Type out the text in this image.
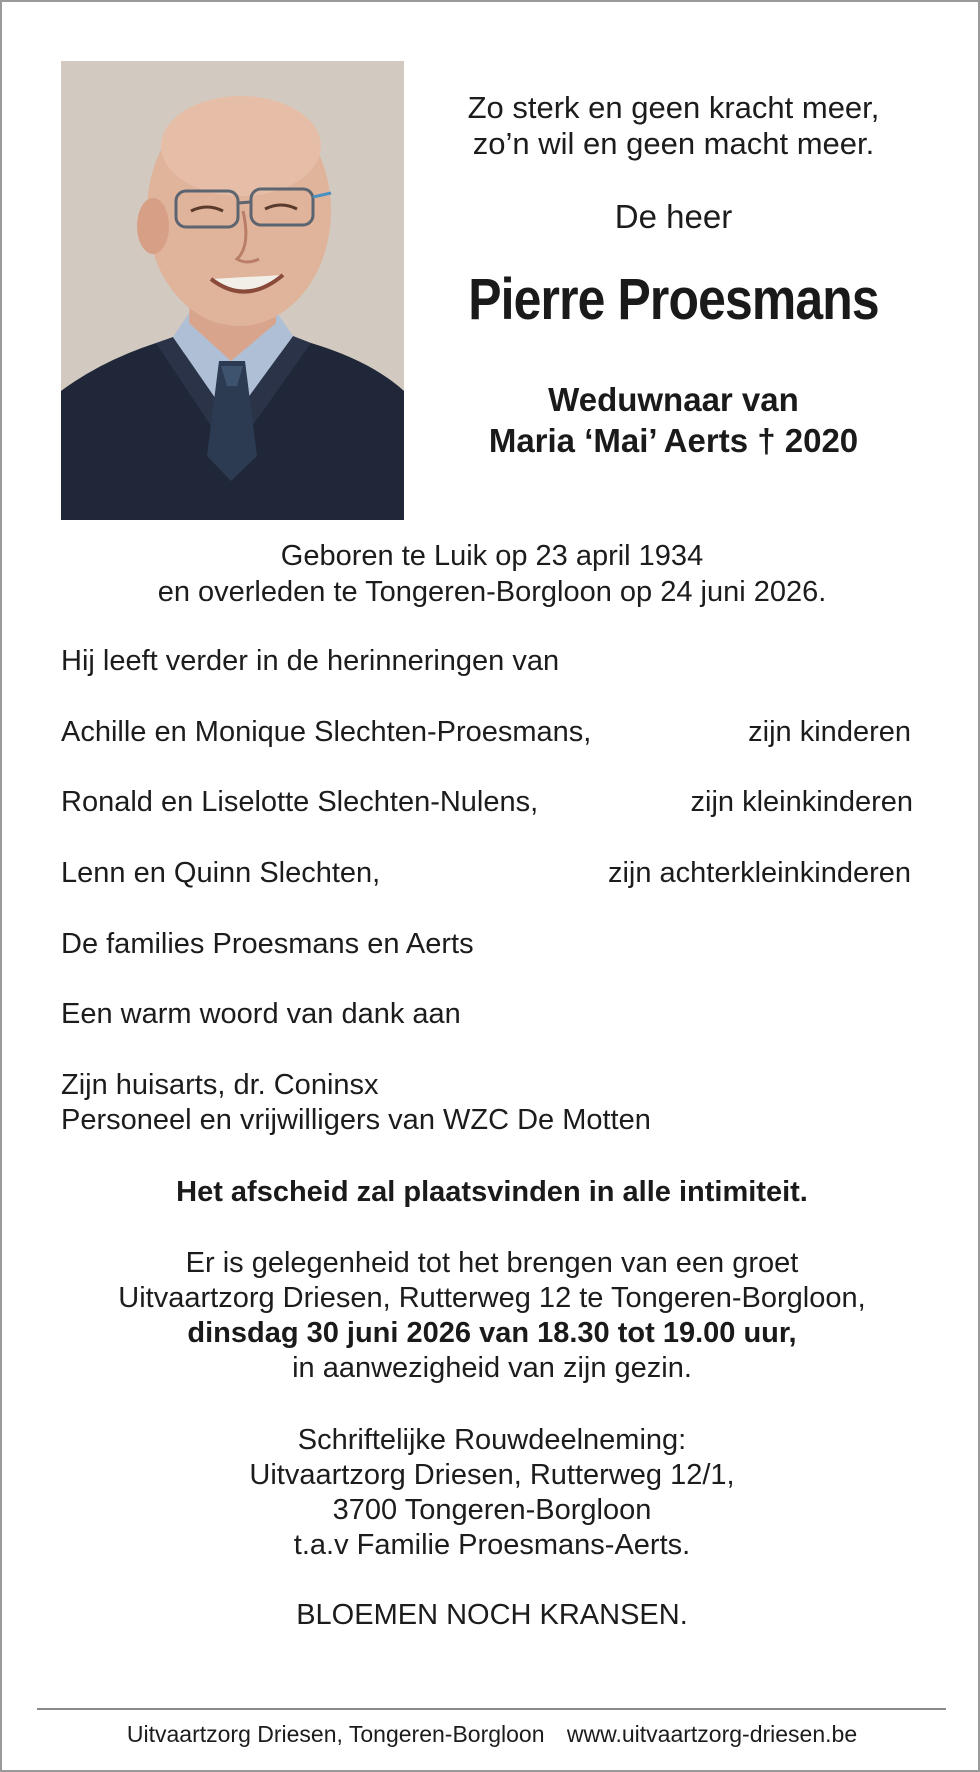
Zo sterk en geen kracht meer,
zo’n wil en geen macht meer.
De heer
Pierre Proesmans
Weduwnaar van
Maria ‘Mai’ Aerts † 2020
Geboren te Luik op 23 april 1934
en overleden te Tongeren-Borgloon op 24 juni 2026.
Hij leeft verder in de herinneringen van
Achille en Monique Slechten-Proesmans,	zijn kinderen
Ronald en Liselotte Slechten-Nulens,	zijn kleinkinderen
Lenn en Quinn Slechten,	zijn achterkleinkinderen
De families Proesmans en Aerts
Een warm woord van dank aan
Zijn huisarts, dr. Coninsx
Personeel en vrijwilligers van WZC De Motten
Het afscheid zal plaatsvinden in alle intimiteit.
Er is gelegenheid tot het brengen van een groet
Uitvaartzorg Driesen, Rutterweg 12 te Tongeren-Borgloon,
dinsdag 30 juni 2026 van 18.30 tot 19.00 uur,
in aanwezigheid van zijn gezin.
Schriftelijke Rouwdeelneming:
Uitvaartzorg Driesen, Rutterweg 12/1,
3700 Tongeren-Borgloon
t.a.v Familie Proesmans-Aerts.
BLOEMEN NOCH KRANSEN.
Uitvaartzorg Driesen, Tongeren-Borgloon www.uitvaartzorg-driesen.be
